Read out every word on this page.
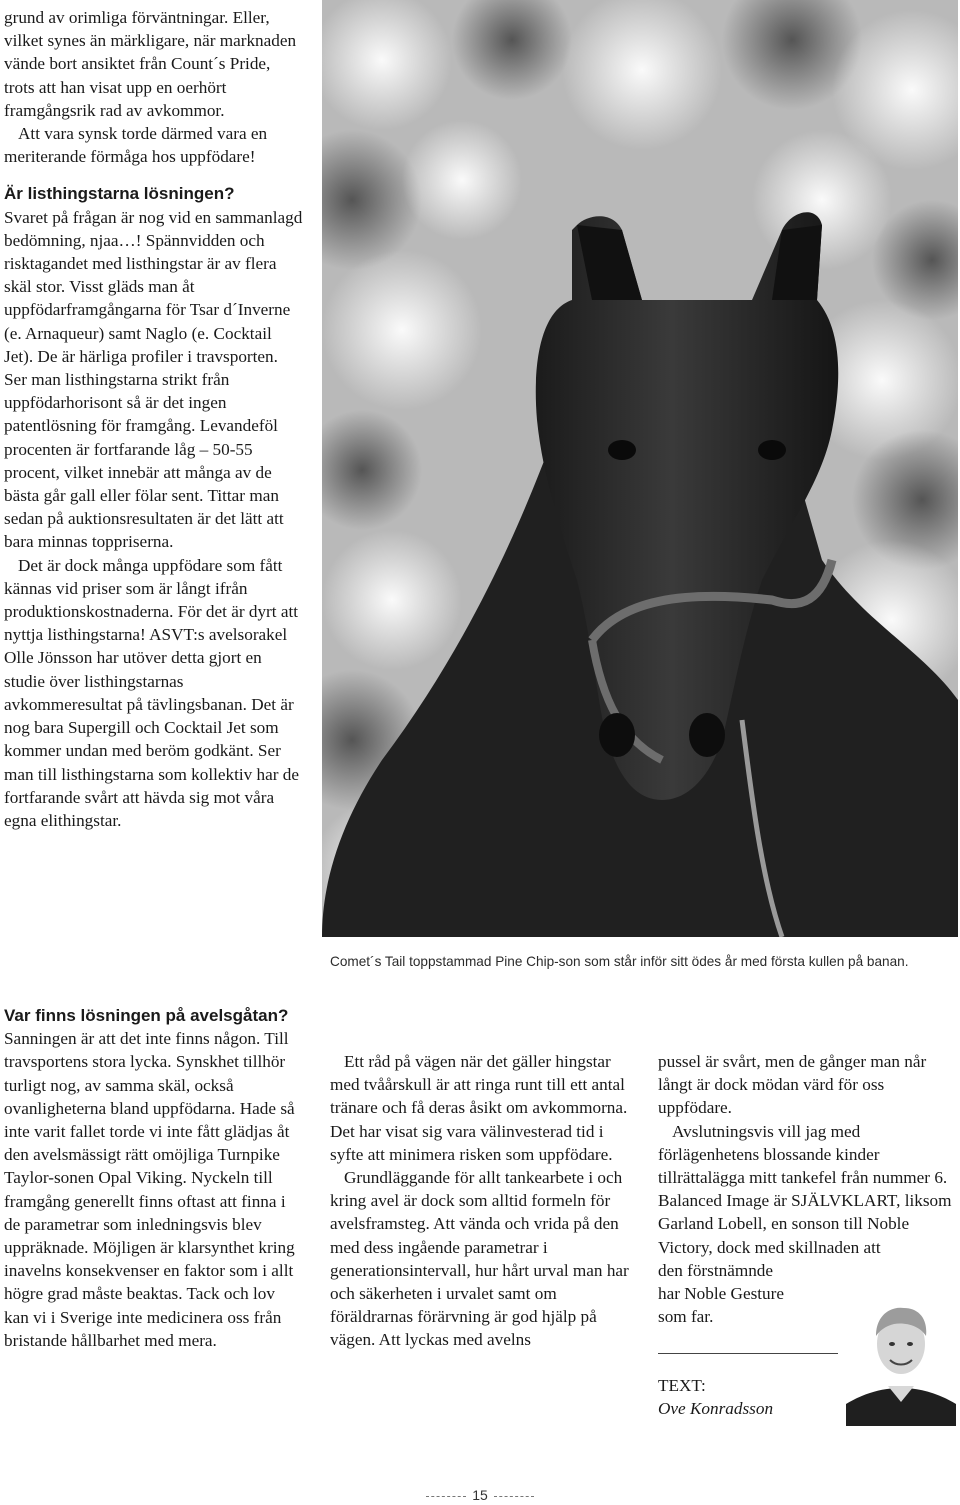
grund av orimliga förväntningar. Eller, vilket synes än märkligare, när marknaden vände bort ansiktet från Count´s Pride, trots att han visat upp en oerhört framgångsrik rad av avkommor.

Att vara synsk torde därmed vara en meriterande förmåga hos uppfödare!

Är listhingstarna lösningen?

Svaret på frågan är nog vid en sammanlagd bedömning, njaa…! Spännvidden och risktagandet med listhingstar är av flera skäl stor. Visst gläds man åt uppfödarframgångarna för Tsar d´Inverne (e. Arnaqueur) samt Naglo (e. Cocktail Jet). De är härliga profiler i travsporten. Ser man listhingstarna strikt från uppfödarhorisont så är det ingen patentlösning för framgång. Levandeföl procenten är fortfarande låg – 50-55 procent, vilket innebär att många av de bästa går gall eller fölar sent. Tittar man sedan på auktionsresultaten är det lätt att bara minnas toppriserna.

Det är dock många uppfödare som fått kännas vid priser som är långt ifrån produktionskostnaderna. För det är dyrt att nyttja listhingstarna! ASVT:s avelsorakel Olle Jönsson har utöver detta gjort en studie över listhingstarnas avkommeresultat på tävlingsbanan. Det är nog bara Supergill och Cocktail Jet som kommer undan med beröm godkänt. Ser man till listhingstarna som kollektiv har de fortfarande svårt att hävda sig mot våra egna elithingstar.

Var finns lösningen på avelsgåtan?

Sanningen är att det inte finns någon. Till travsportens stora lycka. Synskhet tillhör turligt nog, av samma skäl, också ovanligheterna bland uppfödarna. Hade så inte varit fallet torde vi inte fått glädjas åt den avelsmässigt rätt omöjliga Turnpike Taylor-sonen Opal Viking. Nyckeln till framgång generellt finns oftast att finna i de parametrar som inledningsvis blev uppräknade. Möjligen är klarsynthet kring inavelns konsekvenser en faktor som i allt högre grad måste beaktas. Tack och lov kan vi i Sverige inte medicinera oss från bristande hållbarhet med mera.

Comet´s Tail toppstammad Pine Chip-son som står inför sitt ödes år med första kullen på banan.

Ett råd på vägen när det gäller hingstar med tvåårskull är att ringa runt till ett antal tränare och få deras åsikt om avkommorna. Det har visat sig vara välinvesterad tid i syfte att minimera risken som uppfödare.

Grundläggande för allt tankearbete i och kring avel är dock som alltid formeln för avelsframsteg. Att vända och vrida på den med dess ingående parametrar i generationsintervall, hur hårt urval man har och säkerheten i urvalet samt om föräldrarnas förärvning är god hjälp på vägen. Att lyckas med avelns

pussel är svårt, men de gånger man når långt är dock mödan värd för oss uppfödare.

Avslutningsvis vill jag med förlägenhetens blossande kinder tillrättalägga mitt tankefel från nummer 6. Balanced Image är SJÄLVKLART, liksom Garland Lobell, en sonson till Noble Victory, dock med skillnaden att

den förstnämnde

har Noble Gesture

som far.

TEXT:
Ove Konradsson
15
